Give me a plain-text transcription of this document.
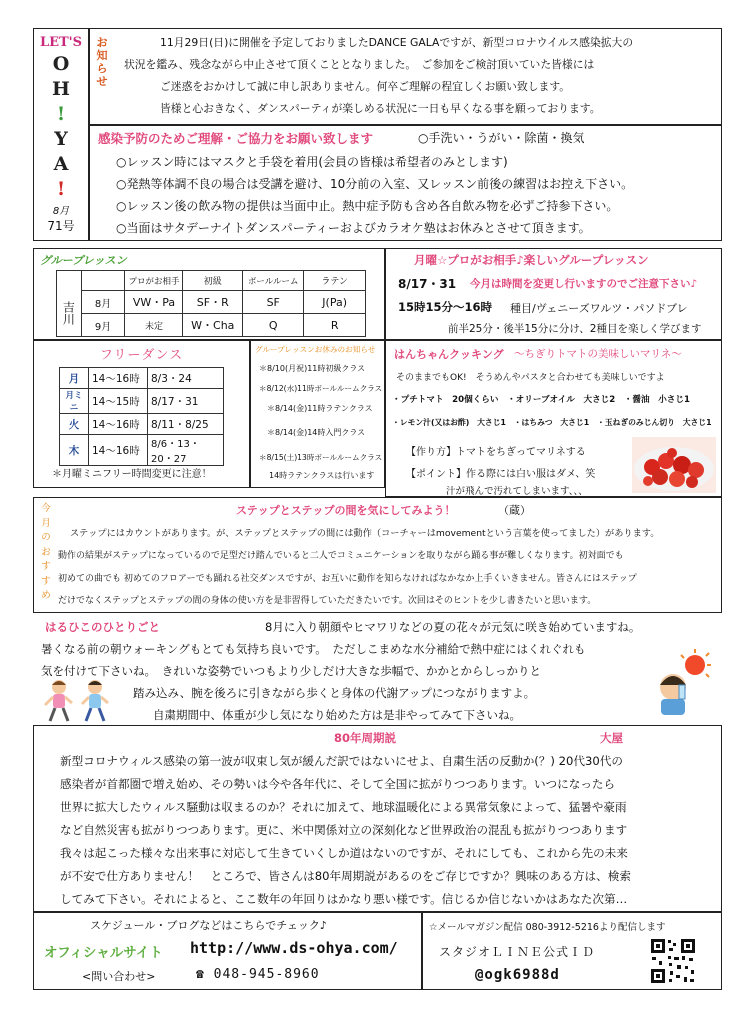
LET'S
O
H
!
Y
A
!
8月
71号
お
知
ら
せ
11月29日(日)に開催を予定しておりましたDANCE GALAですが、新型コロナウイルス感染拡大の
状況を鑑み、残念ながら中止させて頂くこととなりました。　ご参加をご検討頂いていた皆様には
ご迷惑をおかけして誠に申し訳ありません。何卒ご理解の程宜しくお願い致します。
皆様と心おきなく、ダンスパーティが楽しめる状況に一日も早くなる事を願っております。
感染予防のためご理解・ご協力をお願い致します	○手洗い・うがい・除菌・換気
○レッスン時にはマスクと手袋を着用(会員の皆様は希望者のみとします)
○発熱等体調不良の場合は受講を避け、10分前の入室、又レッスン前後の練習はお控え下さい。
○レッスン後の飲み物の提供は当面中止。熱中症予防も含め各自飲み物を必ずご持参下さい。
○当面はサタデーナイトダンスパーティーおよびカラオケ塾はお休みとさせて頂きます。
グループレッスン
		プロがお相手	初級	ボールルーム	ラテン
吉川	8月	VW・Pa	SF・R	SF	J(Pa)
	9月	未定	W・Cha	Q	R
月曜☆プロがお相手♪楽しいグループレッスン
8/17・31 今月は時間を変更し行いますのでご注意下さい♪
15時15分～16時 種目/ヴェニーズワルツ・パソドブレ
前半25分・後半15分に分け、2種目を楽しく学びます
フリーダンス
月	14～16時	8/3・24
月ミニ	14～15時	8/17・31
火	14～16時	8/11・8/25
木	14～16時	8/6・13・20・27
＊月曜ミニフリー時間変更に注意！
グループレッスンお休みのお知らせ
＊8/10(月祝)11時初級クラス
＊8/12(水)11時ボールルームクラス
＊8/14(金)11時ラテンクラス
＊8/14(金)14時入門クラス
＊8/15(土)13時ボールルームクラス
14時ラテンクラスは行います
はんちゃんクッキング ～ちぎりトマトの美味しいマリネ～
そのままでもOK!　そうめんやパスタと合わせても美味しいですよ
・プチトマト　20個くらい　・オリーブオイル　大さじ2　・醤油　小さじ1
・レモン汁(又はお酢)　大さじ1　・はちみつ　大さじ1　・玉ねぎのみじん切り　大さじ1
【作り方】トマトをちぎってマリネする
【ポイント】作る際には白い服はダメ、笑
汁が飛んで汚れてしまいます、、、
今
月
の
お
す
す
め
ステップとステップの間を気にしてみよう！	（蔵）
ステップにはカウントがあります。が、ステップとステップの間には動作（コーチャーはmovementという言葉を使ってました）があります。
動作の結果がステップになっているので足型だけ踏んでいると二人でコミュニケーションを取りながら踊る事が難しくなります。初対面でも
初めての曲でも 初めてのフロアーでも踊れる社交ダンスですが、お互いに動作を知らなければなかなか上手くいきません。皆さんにはステップ
だけでなくステップとステップの間の身体の使い方を是非習得していただきたいです。次回はそのヒントを少し書きたいと思います。
はるひこのひとりごと	8月に入り朝顔やヒマワリなどの夏の花々が元気に咲き始めていますね。
暑くなる前の朝ウォーキングもとても気持ち良いです。　ただしこまめな水分補給で熱中症にはくれぐれも
気を付けて下さいね。　きれいな姿勢でいつもより少しだけ大きな歩幅で、かかとからしっかりと
踏み込み、腕を後ろに引きながら歩くと身体の代謝アップにつながりますよ。
自粛期間中、体重が少し気になり始めた方は是非やってみて下さいね。
80年周期説	大屋
新型コロナウィルス感染の第一波が収束し気が緩んだ訳ではないにせよ、自粛生活の反動か(？) 20代30代の
感染者が首都圏で増え始め、その勢いは今や各年代に、そして全国に拡がりつつあります。いつになったら
世界に拡大したウィルス騒動は収まるのか？それに加えて、地球温暖化による異常気象によって、猛暑や豪雨
など自然災害も拡がりつつあります。更に、米中関係対立の深刻化など世界政治の混乱も拡がりつつあります
我々は起こった様々な出来事に対応して生きていくしか道はないのですが、それにしても、これから先の未来
が不安で仕方ありません！　ところで、皆さんは80年周期説があるのをご存じですか？興味のある方は、検索
してみて下さい。それによると、ここ数年の年回りはかなり悪い様です。信じるか信じないかはあなた次第…
スケジュール・ブログなどはこちらでチェック♪
オフィシャルサイト http://www.ds-ohya.com/
<問い合わせ>	☎ 048-945-8960
☆メールマガジン配信 080-3912-5216より配信します
スタジオＬＩＮＥ公式ＩＤ
@ogk6988d
